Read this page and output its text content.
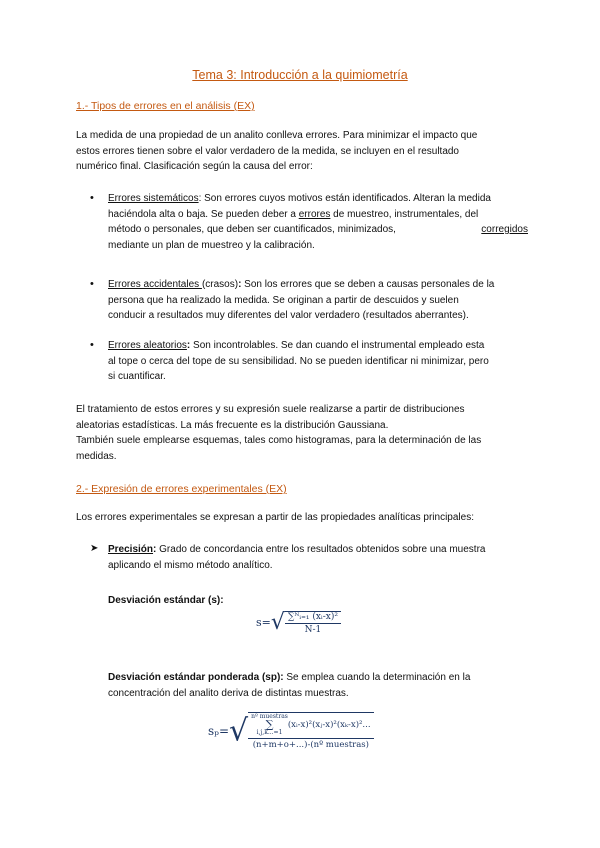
Tema 3: Introducción a la quimiometría
1.- Tipos de errores en el análisis (EX)
La medida de una propiedad de un analito conlleva errores. Para minimizar el impacto que
estos errores tienen sobre el valor verdadero de la medida, se incluyen en el resultado
numérico final. Clasificación según la causa del error:
• Errores sistemáticos: Son errores cuyos motivos están identificados. Alteran la medida
haciéndola alta o baja. Se pueden deber a errores de muestreo, instrumentales, del
método o personales, que deben ser cuantificados, minimizados,	corregidos
mediante un plan de muestreo y la calibración.
• Errores accidentales (crasos): Son los errores que se deben a causas personales de la
persona que ha realizado la medida. Se originan a partir de descuidos y suelen
conducir a resultados muy diferentes del valor verdadero (resultados aberrantes).
• Errores aleatorios: Son incontrolables. Se dan cuando el instrumental empleado esta
al tope o cerca del tope de su sensibilidad. No se pueden identificar ni minimizar, pero
si cuantificar.
El tratamiento de estos errores y su expresión suele realizarse a partir de distribuciones
aleatorias estadísticas. La más frecuente es la distribución Gaussiana.
También suele emplearse esquemas, tales como histogramas, para la determinación de las
medidas.
2.- Expresión de errores experimentales (EX)
Los errores experimentales se expresan a partir de las propiedades analíticas principales:
➤ Precisión: Grado de concordancia entre los resultados obtenidos sobre una muestra
aplicando el mismo método analítico.
Desviación estándar (s):
$s=√ \frac{\text{∑ᴺᵢ₌₁ (xᵢ-x)²}}{N-1}$
Desviación estándar ponderada (sp): Se emplea cuando la determinación en la
concentración del analito deriva de distintas muestras.
sₚ=√ nº muestras
∑
i,j,k...=1
(xᵢ-x)²(xⱼ-x)²(xₖ-x)²...
(n+m+o+...)-(nº muestras)
